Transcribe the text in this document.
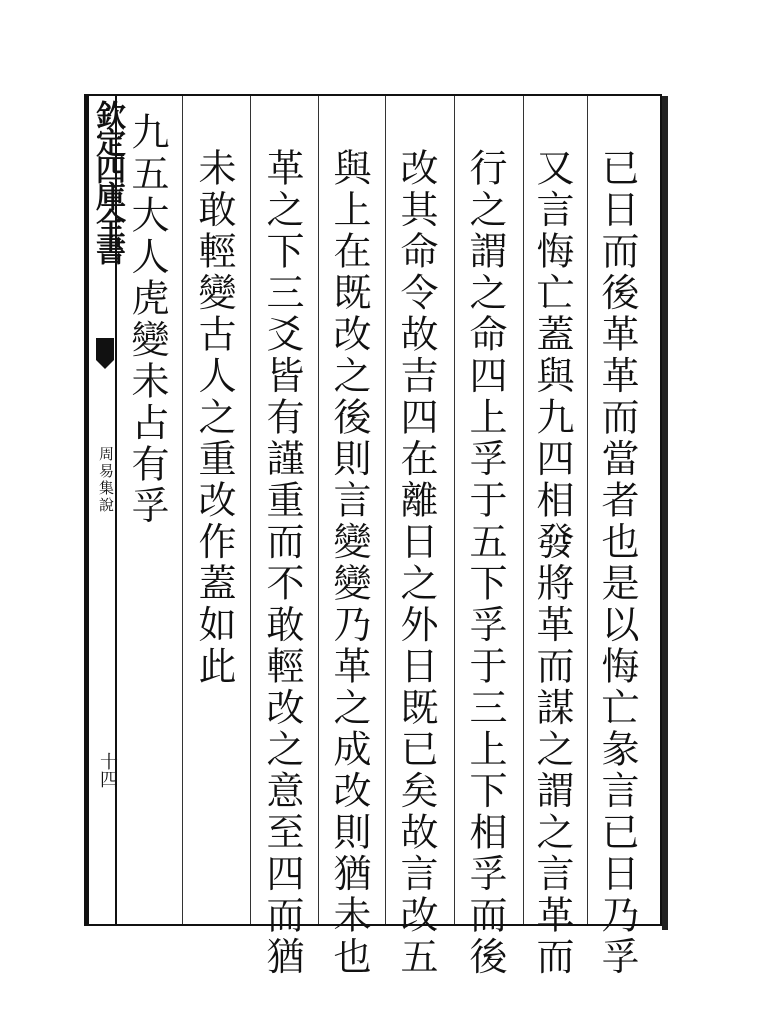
欽定四庫全書
周易集說
十四	已日而後革革而當者也是以悔亡彖言已日乃孚
又言悔亡蓋與九四相發將革而謀之謂之言革而
行之謂之命四上孚于五下孚于三上下相孚而後
改其命令故吉四在離日之外日既已矣故言改五
與上在既改之後則言變變乃革之成改則猶未也
革之下三爻皆有謹重而不敢輕改之意至四而猶
未敢輕變古人之重改作蓋如此
九五大人虎變未占有孚
